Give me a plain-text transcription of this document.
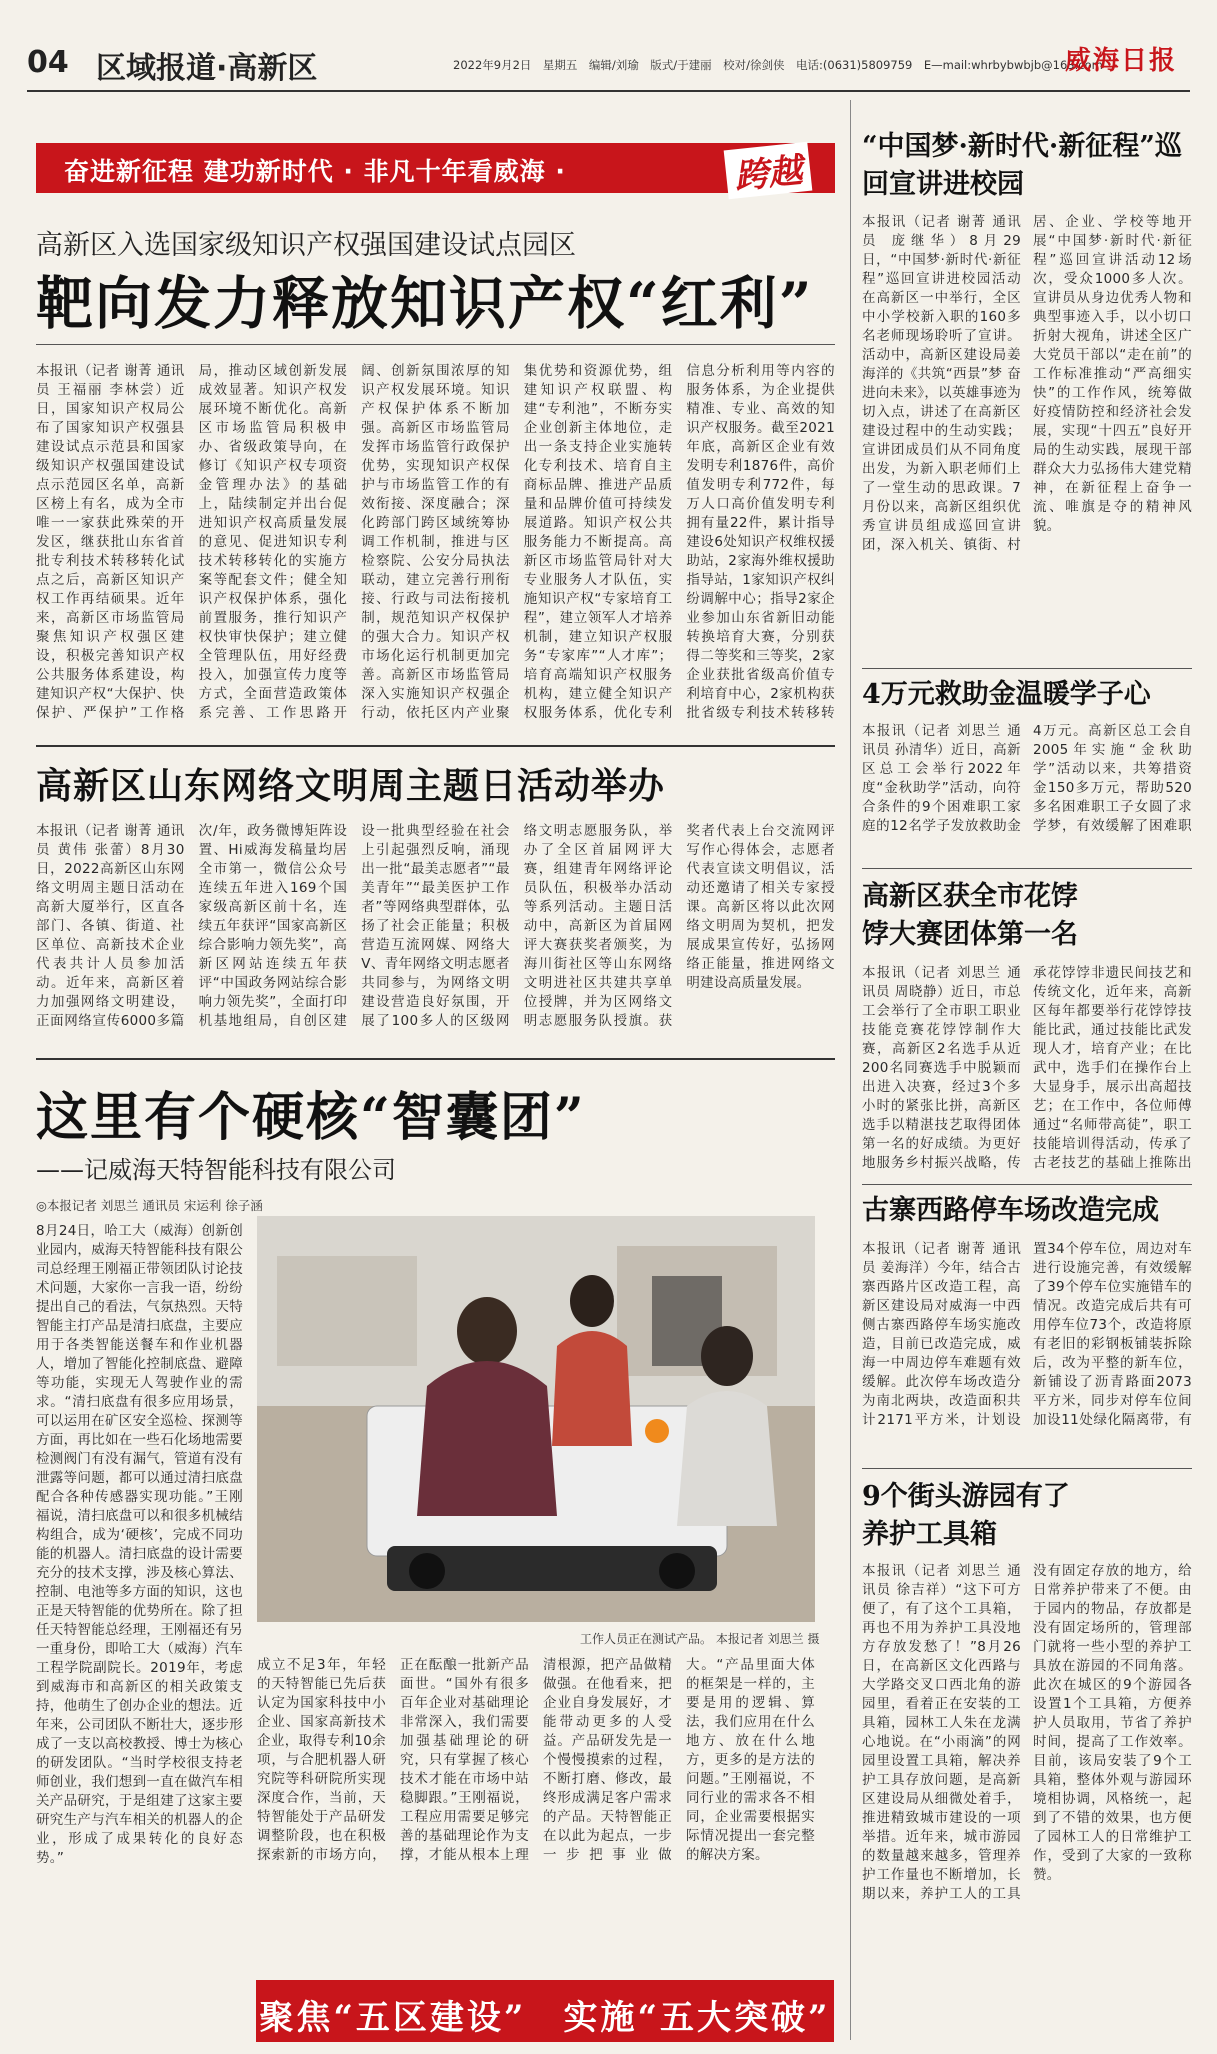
04 区域报道·高新区	2022年9月2日　星期五　编辑/刘瑜　版式/于建丽　校对/徐剑侠　电话:(0631)5809759　E—mail:whrbybwbjb@163.com
威海日报
奋进新征程 建功新时代 · 非凡十年看威海 ·	跨越
高新区入选国家级知识产权强国建设试点园区
靶向发力释放知识产权“红利”
本报讯（记者 谢菁 通讯员 王福丽 李林尝）近日，国家知识产权局公布了国家知识产权强县建设试点示范县和国家级知识产权强国建设试点示范园区名单，高新区榜上有名，成为全市唯一一家获此殊荣的开发区，继获批山东省首批专利技术转移转化试点之后，高新区知识产权工作再结硕果。近年来，高新区市场监管局聚焦知识产权强区建设，积极完善知识产权公共服务体系建设，构建知识产权“大保护、快保护、严保护”工作格局，推动区域创新发展成效显著。知识产权发展环境不断优化。高新区市场监管局积极申办、省级政策导向，在修订《知识产权专项资金管理办法》的基础上，陆续制定并出台促进知识产权高质量发展的意见、促进知识专利技术转移转化的实施方案等配套文件；健全知识产权保护体系，强化前置服务，推行知识产权快审快保护；建立健全管理队伍，用好经费投入，加强宣传力度等方式，全面营造政策体系完善、工作思路开阔、创新氛围浓厚的知识产权发展环境。知识产权保护体系不断加强。高新区市场监管局发挥市场监管行政保护优势，实现知识产权保护与市场监管工作的有效衔接、深度融合；深化跨部门跨区域统筹协调工作机制，推进与区检察院、公安分局执法联动，建立完善行刑衔接、行政与司法衔接机制，规范知识产权保护的强大合力。知识产权市场化运行机制更加完善。高新区市场监管局深入实施知识产权强企行动，依托区内产业聚集优势和资源优势，组建知识产权联盟、构建“专利池”，不断夯实企业创新主体地位，走出一条支持企业实施转化专利技术、培育自主商标品牌、推进产品质量和品牌价值可持续发展道路。知识产权公共服务能力不断提高。高新区市场监管局针对大专业服务人才队伍，实施知识产权“专家培育工程”，建立领军人才培养机制，建立知识产权服务“专家库”“人才库”；培育高端知识产权服务机构，建立健全知识产权服务体系，优化专利信息分析利用等内容的服务体系，为企业提供精准、专业、高效的知识产权服务。截至2021年底，高新区企业有效发明专利1876件，高价值发明专利772件，每万人口高价值发明专利拥有量22件，累计指导建设6处知识产权维权援助站，2家海外维权援助指导站，1家知识产权纠纷调解中心；指导2家企业参加山东省新旧动能转换培育大赛，分别获得二等奖和三等奖，2家企业获批省级高价值专利培育中心，2家机构获批省级专利技术转移转
高新区山东网络文明周主题日活动举办
本报讯（记者 谢菁 通讯员 黄伟 张蕾）8月30日，2022高新区山东网络文明周主题日活动在高新大厦举行，区直各部门、各镇、街道、社区单位、高新技术企业代表共计人员参加活动。近年来，高新区着力加强网络文明建设，正面网络宣传6000多篇次/年，政务微博矩阵设置、Hi威海发稿量均居全市第一，微信公众号连续五年进入169个国家级高新区前十名，连续五年获评“国家高新区综合影响力领先奖”，高新区网站连续五年获评“中国政务网站综合影响力领先奖”，全面打印机基地组局，自创区建设一批典型经验在社会上引起强烈反响，涌现出一批“最美志愿者”“最美青年”“最美医护工作者”等网络典型群体，弘扬了社会正能量；积极营造互流网媒、网络大V、青年网络文明志愿者共同参与，为网络文明建设营造良好氛围，开展了100多人的区级网络文明志愿服务队，举办了全区首届网评大赛，组建青年网络评论员队伍，积极举办活动等系列活动。主题日活动中，高新区为首届网评大赛获奖者颁奖，为海川街社区等山东网络文明进社区共建共享单位授牌，并为区网络文明志愿服务队授旗。获奖者代表上台交流网评写作心得体会，志愿者代表宣读文明倡议，活动还邀请了相关专家授课。高新区将以此次网络文明周为契机，把发展成果宣传好，弘扬网络正能量，推进网络文明建设高质量发展。
这里有个硬核“智囊团”
——记威海天特智能科技有限公司
◎本报记者 刘思兰 通讯员 宋运利 徐子涵
8月24日，哈工大（威海）创新创业园内，威海天特智能科技有限公司总经理王刚福正带领团队讨论技术问题，大家你一言我一语，纷纷提出自己的看法，气氛热烈。天特智能主打产品是清扫底盘，主要应用于各类智能送餐车和作业机器人，增加了智能化控制底盘、避障等功能，实现无人驾驶作业的需求。“清扫底盘有很多应用场景，可以运用在矿区安全巡检、探测等方面，再比如在一些石化场地需要检测阀门有没有漏气，管道有没有泄露等问题，都可以通过清扫底盘配合各种传感器实现功能。”王刚福说，清扫底盘可以和很多机械结构组合，成为‘硬核’，完成不同功能的机器人。清扫底盘的设计需要充分的技术支撑，涉及核心算法、控制、电池等多方面的知识，这也正是天特智能的优势所在。除了担任天特智能总经理，王刚福还有另一重身份，即哈工大（威海）汽车工程学院副院长。2019年，考虑到威海市和高新区的相关政策支持，他萌生了创办企业的想法。近年来，公司团队不断壮大，逐步形成了一支以高校教授、博士为核心的研发团队。“当时学校很支持老师创业，我们想到一直在做汽车相关产品研究，于是组建了这家主要研究生产与汽车相关的机器人的企业，形成了成果转化的良好态势。”
工作人员正在测试产品。 本报记者 刘思兰 摄
成立不足3年，年轻的天特智能已先后获认定为国家科技中小企业、国家高新技术企业，取得专利10余项，与合肥机器人研究院等科研院所实现深度合作，当前，天特智能处于产品研发调整阶段，也在积极探索新的市场方向，正在酝酿一批新产品面世。“国外有很多百年企业对基础理论非常深入，我们需要加强基础理论的研究，只有掌握了核心技术才能在市场中站稳脚跟。”王刚福说，工程应用需要足够完善的基础理论作为支撑，才能从根本上理清根源，把产品做精做强。在他看来，把企业自身发展好，才能带动更多的人受益。产品研发先是一个慢慢摸索的过程，不断打磨、修改，最终形成满足客户需求的产品。天特智能正在以此为起点，一步一步把事业做大。“产品里面大体的框架是一样的，主要是用的逻辑、算法，我们应用在什么地方、放在什么地方，更多的是方法的问题。”王刚福说，不同行业的需求各不相同，企业需要根据实际情况提出一套完整的解决方案。
“中国梦·新时代·新征程”巡回宣讲进校园
本报讯（记者 谢菁 通讯员 庞继华）8月29日，“中国梦·新时代·新征程”巡回宣讲进校园活动在高新区一中举行，全区中小学校新入职的160多名老师现场聆听了宣讲。活动中，高新区建设局姜海洋的《共筑“西景”梦 奋进向未来》，以英雄事迹为切入点，讲述了在高新区建设过程中的生动实践；宣讲团成员们从不同角度出发，为新入职老师们上了一堂生动的思政课。7月份以来，高新区组织优秀宣讲员组成巡回宣讲团，深入机关、镇街、村居、企业、学校等地开展“中国梦·新时代·新征程”巡回宣讲活动12场次，受众1000多人次。宣讲员从身边优秀人物和典型事迹入手，以小切口折射大视角，讲述全区广大党员干部以“走在前”的工作标准推动“严高细实快”的工作作风，统筹做好疫情防控和经济社会发展，实现“十四五”良好开局的生动实践，展现干部群众大力弘扬伟大建党精神，在新征程上奋争一流、唯旗是夺的精神风貌。
4万元救助金温暖学子心
本报讯（记者 刘思兰 通讯员 孙清华）近日，高新区总工会举行2022年度“金秋助学”活动，向符合条件的9个困难职工家庭的12名学子发放救助金4万元。高新区总工会自2005年实施“金秋助学”活动以来，共筹措资金150多万元，帮助520多名困难职工子女圆了求学梦，有效缓解了困难职
高新区获全市花饽饽大赛团体第一名
本报讯（记者 刘思兰 通讯员 周晓静）近日，市总工会举行了全市职工职业技能竞赛花饽饽制作大赛，高新区2名选手从近200名同赛选手中脱颖而出进入决赛，经过3个多小时的紧张比拼，高新区选手以精湛技艺取得团体第一名的好成绩。为更好地服务乡村振兴战略，传承花饽饽非遗民间技艺和传统文化，近年来，高新区每年都要举行花饽饽技能比武，通过技能比武发现人才，培育产业；在比武中，选手们在操作台上大显身手，展示出高超技艺；在工作中，各位师傅通过“名师带高徒”，职工技能培训得活动，传承了古老技艺的基础上推陈出
古寨西路停车场改造完成
本报讯（记者 谢菁 通讯员 姜海洋）今年，结合古寨西路片区改造工程，高新区建设局对威海一中西侧古寨西路停车场实施改造，目前已改造完成，威海一中周边停车难题有效缓解。此次停车场改造分为南北两块，改造面积共计2171平方米，计划设置34个停车位，周边对车进行设施完善，有效缓解了39个停车位实施错车的情况。改造完成后共有可用停车位73个，改造将原有老旧的彩钢板铺装拆除后，改为平整的新车位，新铺设了沥青路面2073平方米，同步对停车位间加设11处绿化隔离带，有
9个街头游园有了养护工具箱
本报讯（记者 刘思兰 通讯员 徐吉祥）“这下可方便了，有了这个工具箱，再也不用为养护工具没地方存放发愁了！”8月26日，在高新区文化西路与大学路交叉口西北角的游园里，看着正在安装的工具箱，园林工人朱在龙满心地说。在“小雨滴”的网园里设置工具箱，解决养护工具存放问题，是高新区建设局从细微处着手，推进精致城市建设的一项举措。近年来，城市游园的数量越来越多，管理养护工作量也不断增加，长期以来，养护工人的工具没有固定存放的地方，给日常养护带来了不便。由于园内的物品，存放都是没有固定场所的，管理部门就将一些小型的养护工具放在游园的不同角落。此次在城区的9个游园各设置1个工具箱，方便养护人员取用，节省了养护时间，提高了工作效率。目前，该局安装了9个工具箱，整体外观与游园环境相协调，风格统一，起到了不错的效果，也方便了园林工人的日常维护工作，受到了大家的一致称赞。
聚焦“五区建设”　实施“五大突破”
